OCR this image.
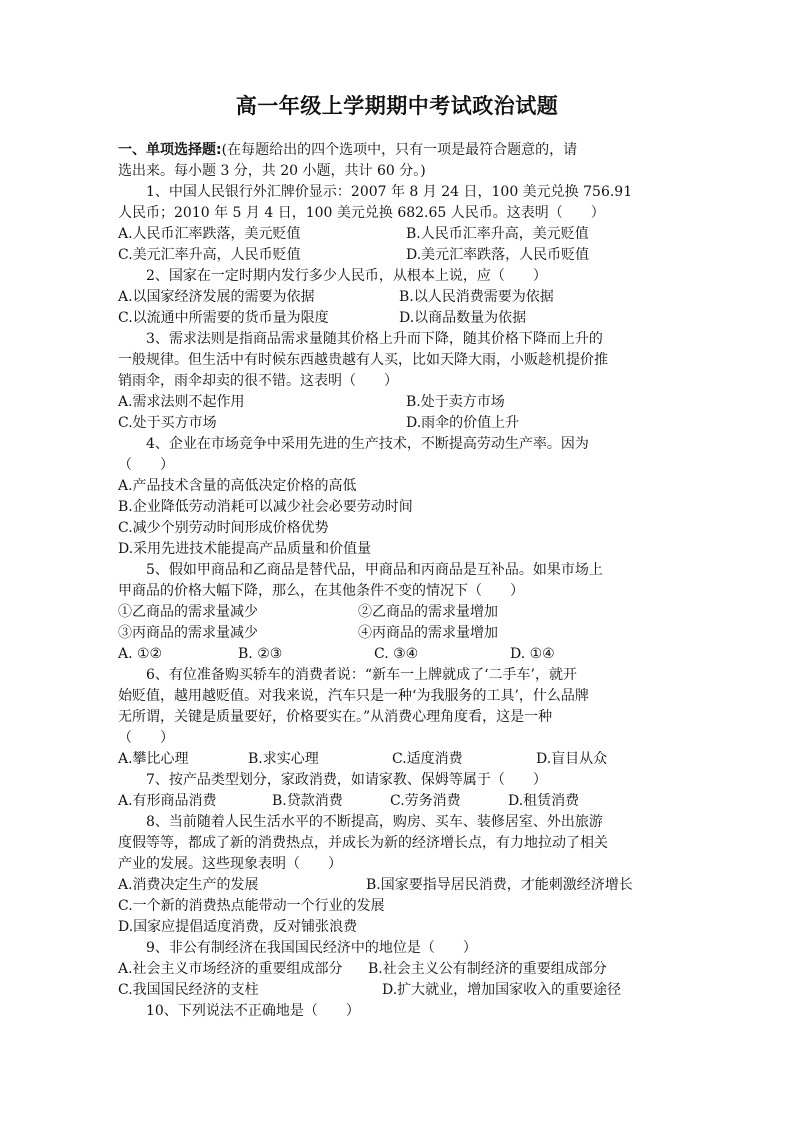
高一年级上学期期中考试政治试题
一、单项选择题:(在每题给出的四个选项中，只有一项是最符合题意的，请
选出来。每小题 3 分，共 20 小题，共计 60 分。)
1、中国人民银行外汇牌价显示：2007 年 8 月 24 日，100 美元兑换 756.91
人民币；2010 年 5 月 4 日，100 美元兑换 682.65 人民币。这表明（　　）
A.人民币汇率跌落，美元贬值	B.人民币汇率升高，美元贬值
C.美元汇率升高，人民币贬值	D.美元汇率跌落，人民币贬值
2、国家在一定时期内发行多少人民币，从根本上说，应（　　）
A.以国家经济发展的需要为依据	B.以人民消费需要为依据
C.以流通中所需要的货币量为限度	D.以商品数量为依据
3、需求法则是指商品需求量随其价格上升而下降，随其价格下降而上升的
一般规律。但生活中有时候东西越贵越有人买，比如天降大雨，小贩趁机提价推
销雨伞，雨伞却卖的很不错。这表明（　　）
A.需求法则不起作用	B.处于卖方市场
C.处于买方市场	D.雨伞的价值上升
4、企业在市场竞争中采用先进的生产技术，不断提高劳动生产率。因为
（　　）
A.产品技术含量的高低决定价格的高低
B.企业降低劳动消耗可以减少社会必要劳动时间
C.减少个别劳动时间形成价格优势
D.采用先进技术能提高产品质量和价值量
5、假如甲商品和乙商品是替代品，甲商品和丙商品是互补品。如果市场上
甲商品的价格大幅下降，那么，在其他条件不变的情况下（　　）
①乙商品的需求量减少	②乙商品的需求量增加
③丙商品的需求量减少	④丙商品的需求量增加
A. ①②	B. ②③	C. ③④	D. ①④
6、有位准备购买轿车的消费者说：“新车一上牌就成了‘二手车’，就开
始贬值，越用越贬值。对我来说，汽车只是一种‘为我服务的工具’，什么品牌
无所谓，关键是质量要好，价格要实在。”从消费心理角度看，这是一种
（　　）
A.攀比心理	B.求实心理	C.适度消费	D.盲目从众
7、按产品类型划分，家政消费，如请家教、保姆等属于（　　）
A.有形商品消费	B.贷款消费	C.劳务消费	D.租赁消费
8、当前随着人民生活水平的不断提高，购房、买车、装修居室、外出旅游
度假等等，都成了新的消费热点，并成长为新的经济增长点，有力地拉动了相关
产业的发展。这些现象表明（　　）
A.消费决定生产的发展	B.国家要指导居民消费，才能刺激经济增长
C.一个新的消费热点能带动一个行业的发展
D.国家应提倡适度消费，反对铺张浪费
9、非公有制经济在我国国民经济中的地位是（　　）
A.社会主义市场经济的重要组成部分	B.社会主义公有制经济的重要组成部分
C.我国国民经济的支柱	D.扩大就业，增加国家收入的重要途径
10、下列说法不正确地是（　　）
